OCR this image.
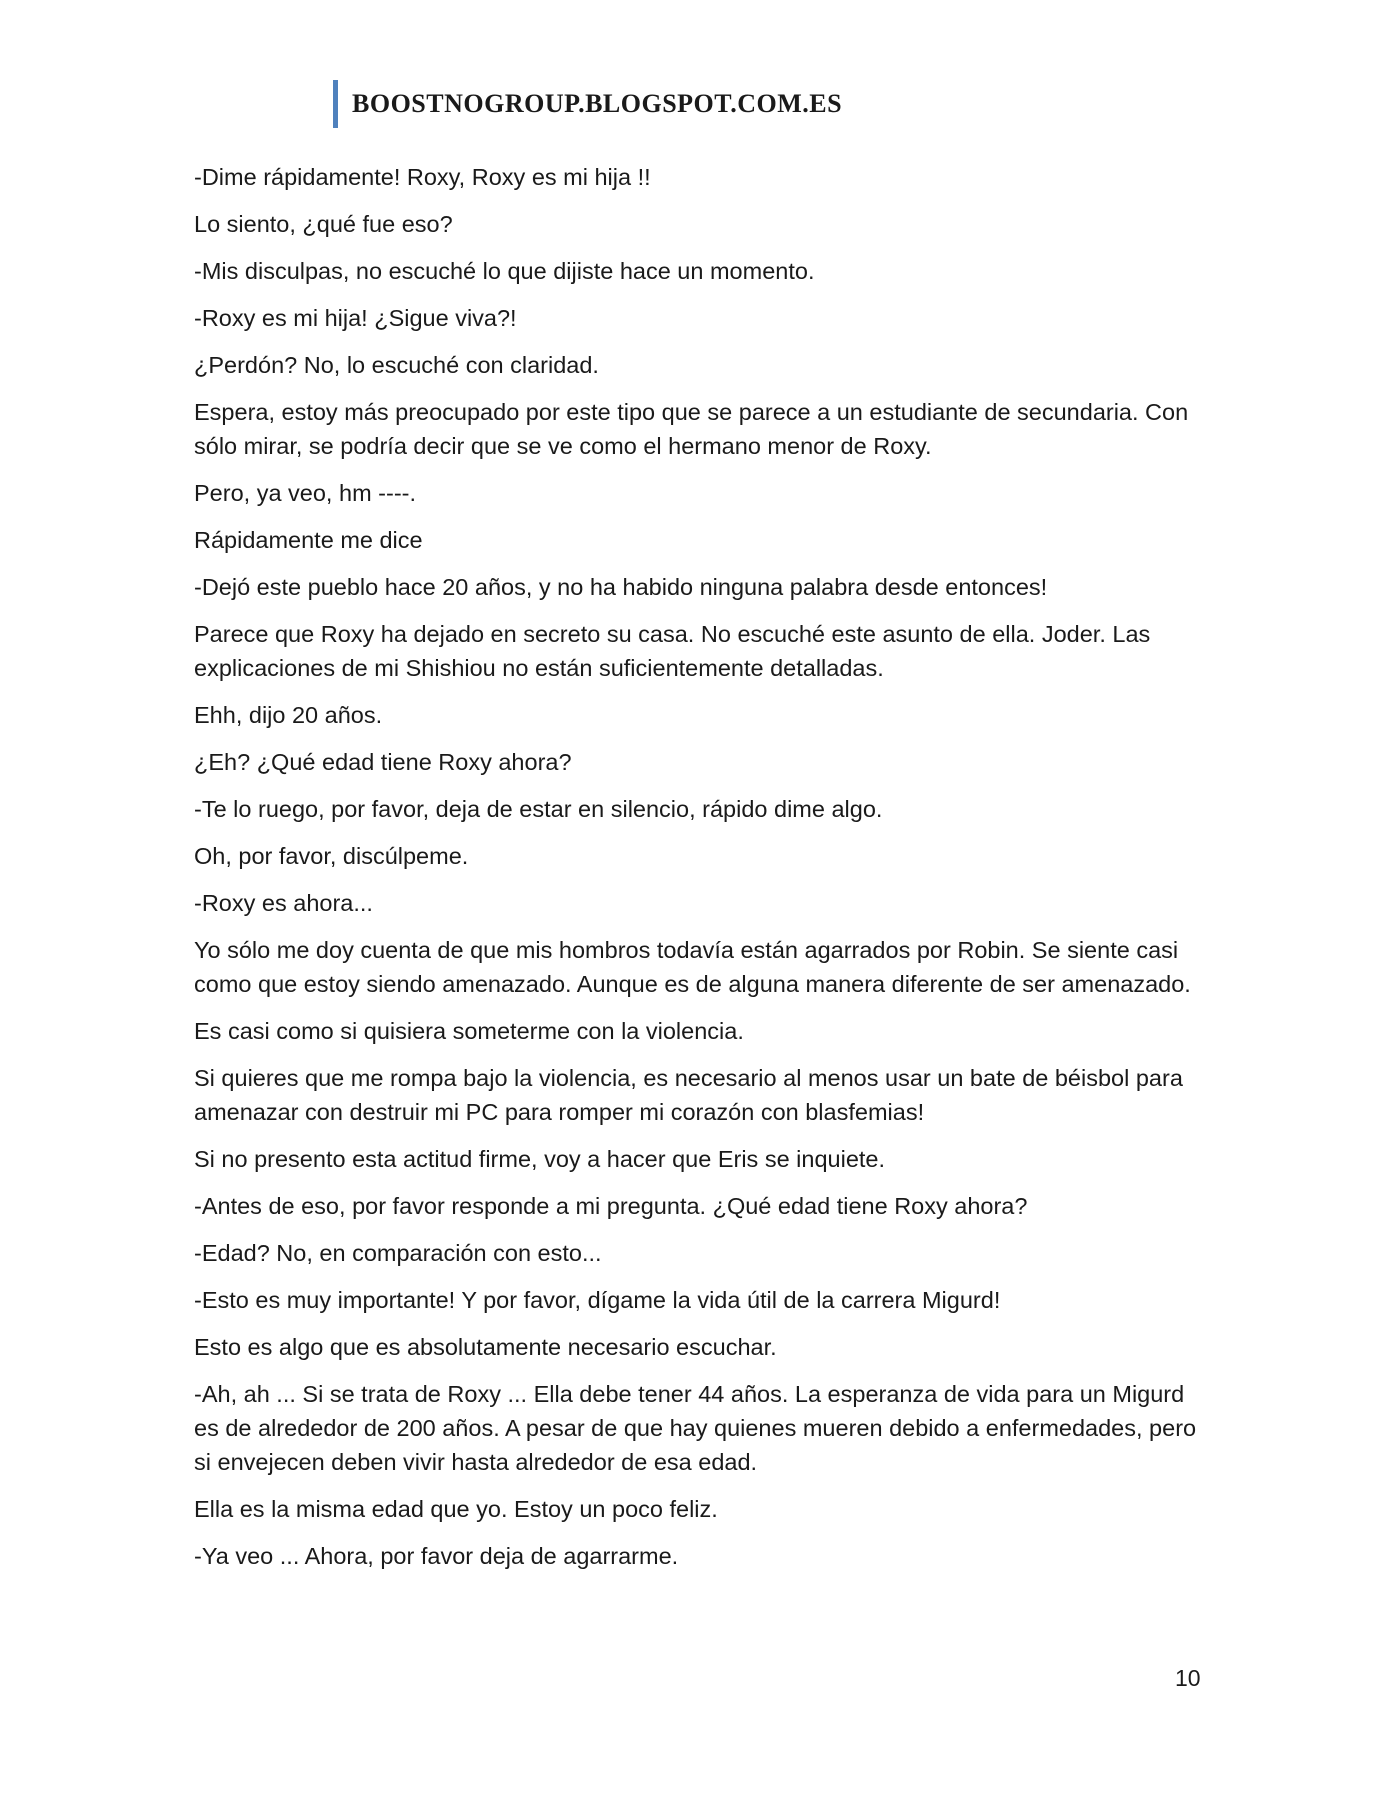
BOOSTNOGROUP.BLOGSPOT.COM.ES

-Dime rápidamente! Roxy, Roxy es mi hija !!

Lo siento, ¿qué fue eso?

-Mis disculpas, no escuché lo que dijiste hace un momento.

-Roxy es mi hija! ¿Sigue viva?!

¿Perdón? No, lo escuché con claridad.

Espera, estoy más preocupado por este tipo que se parece a un estudiante de secundaria. Con sólo mirar, se podría decir que se ve como el hermano menor de Roxy.

Pero, ya veo, hm ----.

Rápidamente me dice

-Dejó este pueblo hace 20 años, y no ha habido ninguna palabra desde entonces!

Parece que Roxy ha dejado en secreto su casa. No escuché este asunto de ella. Joder. Las explicaciones de mi Shishiou no están suficientemente detalladas.

Ehh, dijo 20 años.

¿Eh? ¿Qué edad tiene Roxy ahora?

-Te lo ruego, por favor, deja de estar en silencio, rápido dime algo.

Oh, por favor, discúlpeme.

-Roxy es ahora...

Yo sólo me doy cuenta de que mis hombros todavía están agarrados por Robin. Se siente casi como que estoy siendo amenazado. Aunque es de alguna manera diferente de ser amenazado.

Es casi como si quisiera someterme con la violencia.

Si quieres que me rompa bajo la violencia, es necesario al menos usar un bate de béisbol para amenazar con destruir mi PC para romper mi corazón con blasfemias!

Si no presento esta actitud firme, voy a hacer que Eris se inquiete.

-Antes de eso, por favor responde a mi pregunta. ¿Qué edad tiene Roxy ahora?

-Edad? No, en comparación con esto...

-Esto es muy importante! Y por favor, dígame la vida útil de la carrera Migurd!

Esto es algo que es absolutamente necesario escuchar.

-Ah, ah ... Si se trata de Roxy ... Ella debe tener 44 años. La esperanza de vida para un Migurd es de alrededor de 200 años. A pesar de que hay quienes mueren debido a enfermedades, pero si envejecen deben vivir hasta alrededor de esa edad.

Ella es la misma edad que yo. Estoy un poco feliz.

-Ya veo ... Ahora, por favor deja de agarrarme.

10
